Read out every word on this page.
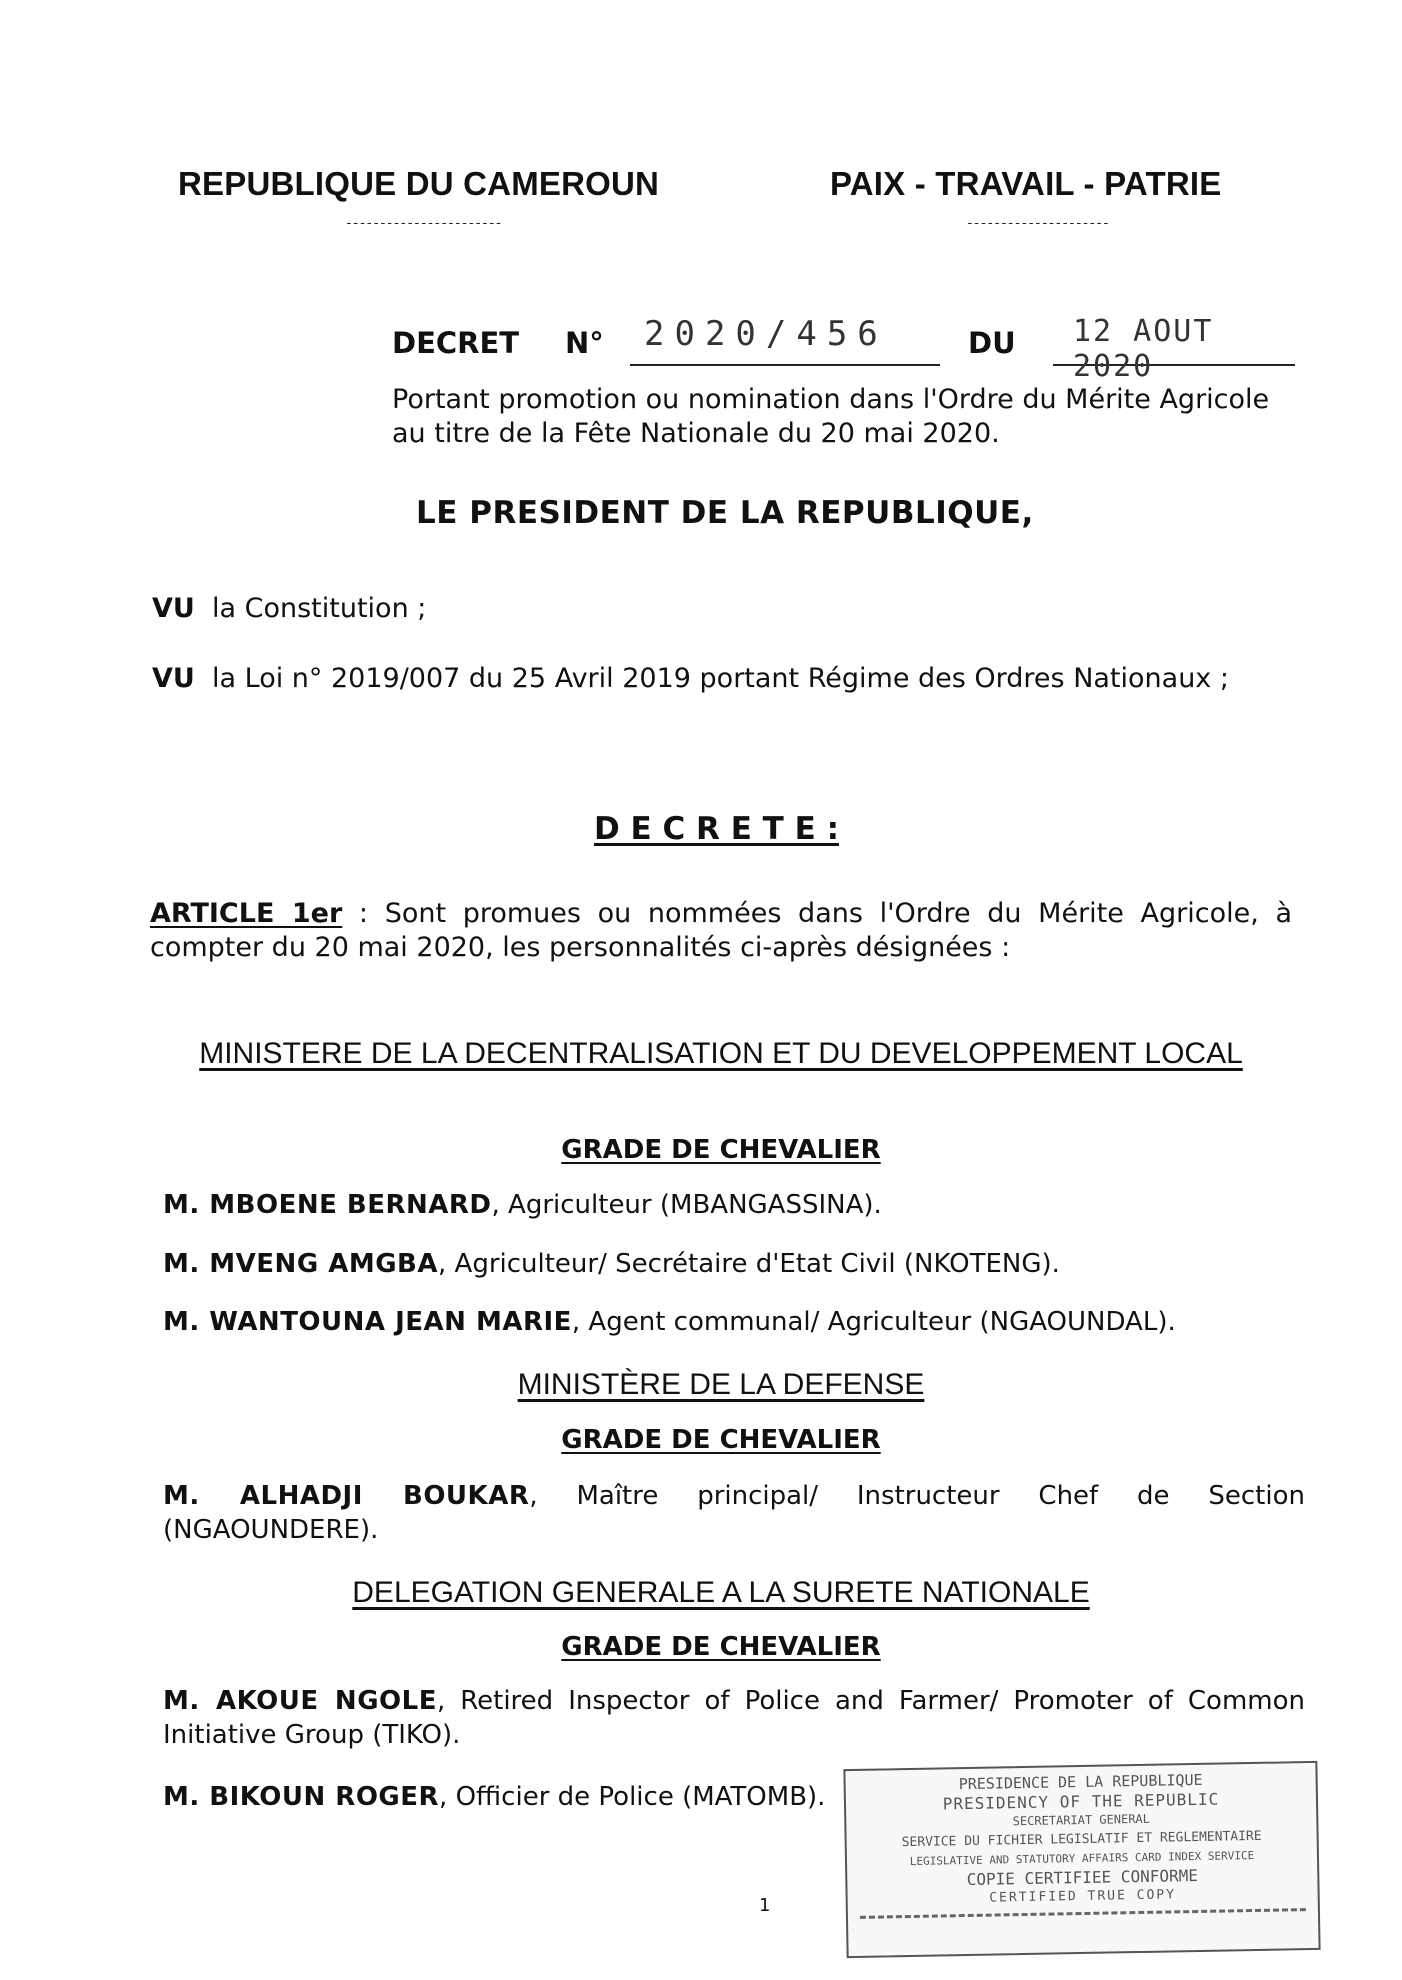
REPUBLIQUE DU CAMEROUN
-----------------------
PAIX - TRAVAIL - PATRIE
---------------------
DECRET N° 2020/456	DU 12 AOUT 2020
Portant promotion ou nomination dans l'Ordre du Mérite Agricole
au titre de la Fête Nationale du 20 mai 2020.
LE PRESIDENT DE LA REPUBLIQUE,
VU la Constitution ;
VU la Loi n° 2019/007 du 25 Avril 2019 portant Régime des Ordres Nationaux ;
D E C R E T E :
ARTICLE 1er : Sont promues ou nommées dans l'Ordre du Mérite Agricole, à
compter du 20 mai 2020, les personnalités ci-après désignées :
MINISTERE DE LA DECENTRALISATION ET DU DEVELOPPEMENT LOCAL
GRADE DE CHEVALIER
M. MBOENE BERNARD, Agriculteur (MBANGASSINA).
M. MVENG AMGBA, Agriculteur/ Secrétaire d'Etat Civil (NKOTENG).
M. WANTOUNA JEAN MARIE, Agent communal/ Agriculteur (NGAOUNDAL).
MINISTÈRE DE LA DEFENSE
GRADE DE CHEVALIER
M. ALHADJI BOUKAR, Maître principal/ Instructeur Chef de Section
(NGAOUNDERE).
DELEGATION GENERALE A LA SURETE NATIONALE
GRADE DE CHEVALIER
M. AKOUE NGOLE, Retired Inspector of Police and Farmer/ Promoter of Common
Initiative Group (TIKO).
M. BIKOUN ROGER, Officier de Police (MATOMB).	PRESIDENCE DE LA REPUBLIQUE
PRESIDENCY OF THE REPUBLIC
SECRETARIAT GENERAL
SERVICE DU FICHIER LEGISLATIF ET REGLEMENTAIRE
LEGISLATIVE AND STATUTORY AFFAIRS CARD INDEX SERVICE
COPIE CERTIFIEE CONFORME
CERTIFIED TRUE COPY
1
